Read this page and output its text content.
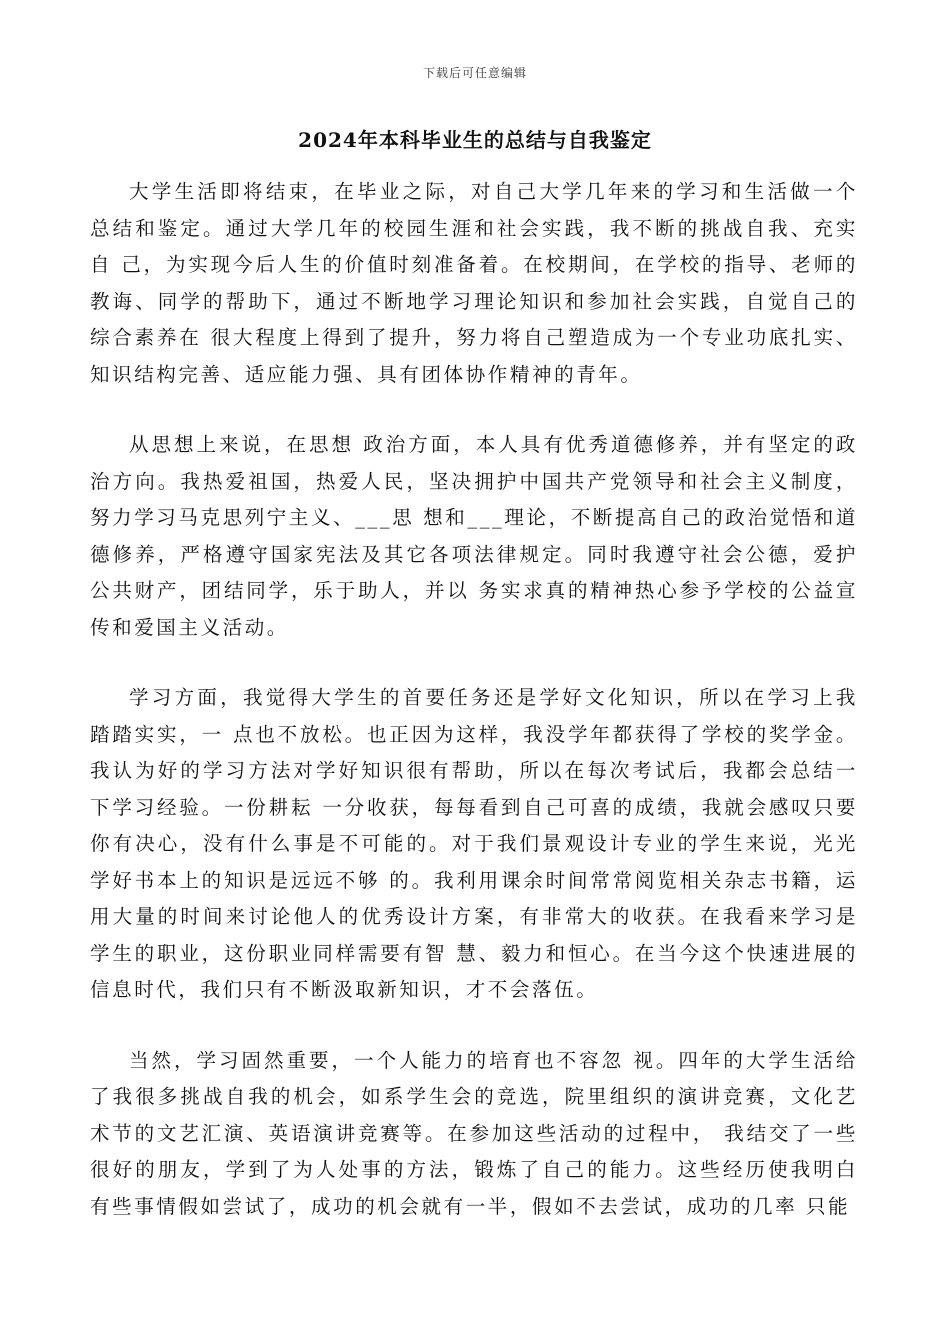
下载后可任意编辑
2024年本科毕业生的总结与自我鉴定

大学生活即将结束，在毕业之际，对自己大学几年来的学习和生活做一个总结和鉴定。通过大学几年的校园生涯和社会实践，我不断的挑战自我、充实自 己，为实现今后人生的价值时刻准备着。在校期间，在学校的指导、老师的教诲、同学的帮助下，通过不断地学习理论知识和参加社会实践，自觉自己的综合素养在 很大程度上得到了提升，努力将自己塑造成为一个专业功底扎实、知识结构完善、适应能力强、具有团体协作精神的青年。

从思想上来说，在思想 政治方面，本人具有优秀道德修养，并有坚定的政治方向。我热爱祖国，热爱人民，坚决拥护中国共产党领导和社会主义制度，努力学习马克思列宁主义、___思 想和___理论，不断提高自己的政治觉悟和道德修养，严格遵守国家宪法及其它各项法律规定。同时我遵守社会公德，爱护公共财产，团结同学，乐于助人，并以 务实求真的精神热心参予学校的公益宣传和爱国主义活动。

学习方面，我觉得大学生的首要任务还是学好文化知识，所以在学习上我踏踏实实，一 点也不放松。也正因为这样，我没学年都获得了学校的奖学金。我认为好的学习方法对学好知识很有帮助，所以在每次考试后，我都会总结一下学习经验。一份耕耘 一分收获，每每看到自己可喜的成绩，我就会感叹只要你有决心，没有什么事是不可能的。对于我们景观设计专业的学生来说，光光学好书本上的知识是远远不够 的。我利用课余时间常常阅览相关杂志书籍，运用大量的时间来讨论他人的优秀设计方案，有非常大的收获。在我看来学习是学生的职业，这份职业同样需要有智 慧、毅力和恒心。在当今这个快速进展的信息时代，我们只有不断汲取新知识，才不会落伍。

当然，学习固然重要，一个人能力的培育也不容忽 视。四年的大学生活给了我很多挑战自我的机会，如系学生会的竞选，院里组织的演讲竞赛，文化艺术节的文艺汇演、英语演讲竞赛等。在参加这些活动的过程中， 我结交了一些很好的朋友，学到了为人处事的方法，锻炼了自己的能力。这些经历使我明白有些事情假如尝试了，成功的机会就有一半，假如不去尝试，成功的几率 只能
